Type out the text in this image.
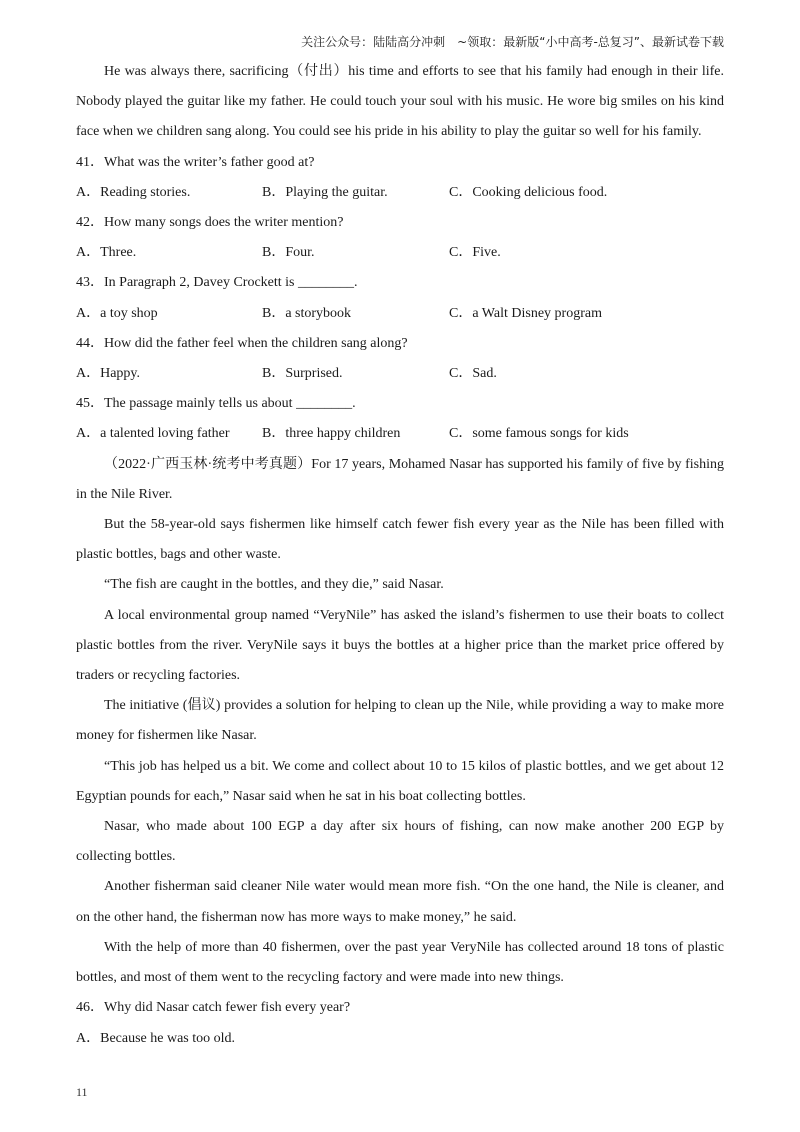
关注公众号：陆陆高分冲刺　~领取：最新版“小中高考-总复习”、最新试卷下载

He was always there, sacrificing（付出）his time and efforts to see that his family had enough in their life. Nobody played the guitar like my father. He could touch your soul with his music. He wore big smiles on his kind face when we children sang along. You could see his pride in his ability to play the guitar so well for his family.

41．What was the writer’s father good at?

A．Reading stories.	B．Playing the guitar.	C．Cooking delicious food.

42．How many songs does the writer mention?

A．Three.	B．Four.	C．Five.

43．In Paragraph 2, Davey Crockett is ________.

A．a toy shop	B．a storybook	C．a Walt Disney program

44．How did the father feel when the children sang along?

A．Happy.	B．Surprised.	C．Sad.

45．The passage mainly tells us about ________.

A．a talented loving father	B．three happy children	C．some famous songs for kids

（2022·广西玉林·统考中考真题）For 17 years, Mohamed Nasar has supported his family of five by fishing in the Nile River.

But the 58-year-old says fishermen like himself catch fewer fish every year as the Nile has been filled with plastic bottles, bags and other waste.

“The fish are caught in the bottles, and they die,” said Nasar.

A local environmental group named “VeryNile” has asked the island’s fishermen to use their boats to collect plastic bottles from the river. VeryNile says it buys the bottles at a higher price than the market price offered by traders or recycling factories.

The initiative (倡议) provides a solution for helping to clean up the Nile, while providing a way to make more money for fishermen like Nasar.

“This job has helped us a bit. We come and collect about 10 to 15 kilos of plastic bottles, and we get about 12 Egyptian pounds for each,” Nasar said when he sat in his boat collecting bottles.

Nasar, who made about 100 EGP a day after six hours of fishing, can now make another 200 EGP by collecting bottles.

Another fisherman said cleaner Nile water would mean more fish. “On the one hand, the Nile is cleaner, and on the other hand, the fisherman now has more ways to make money,” he said.

With the help of more than 40 fishermen, over the past year VeryNile has collected around 18 tons of plastic bottles, and most of them went to the recycling factory and were made into new things.

46．Why did Nasar catch fewer fish every year?

A．Because he was too old.

11
